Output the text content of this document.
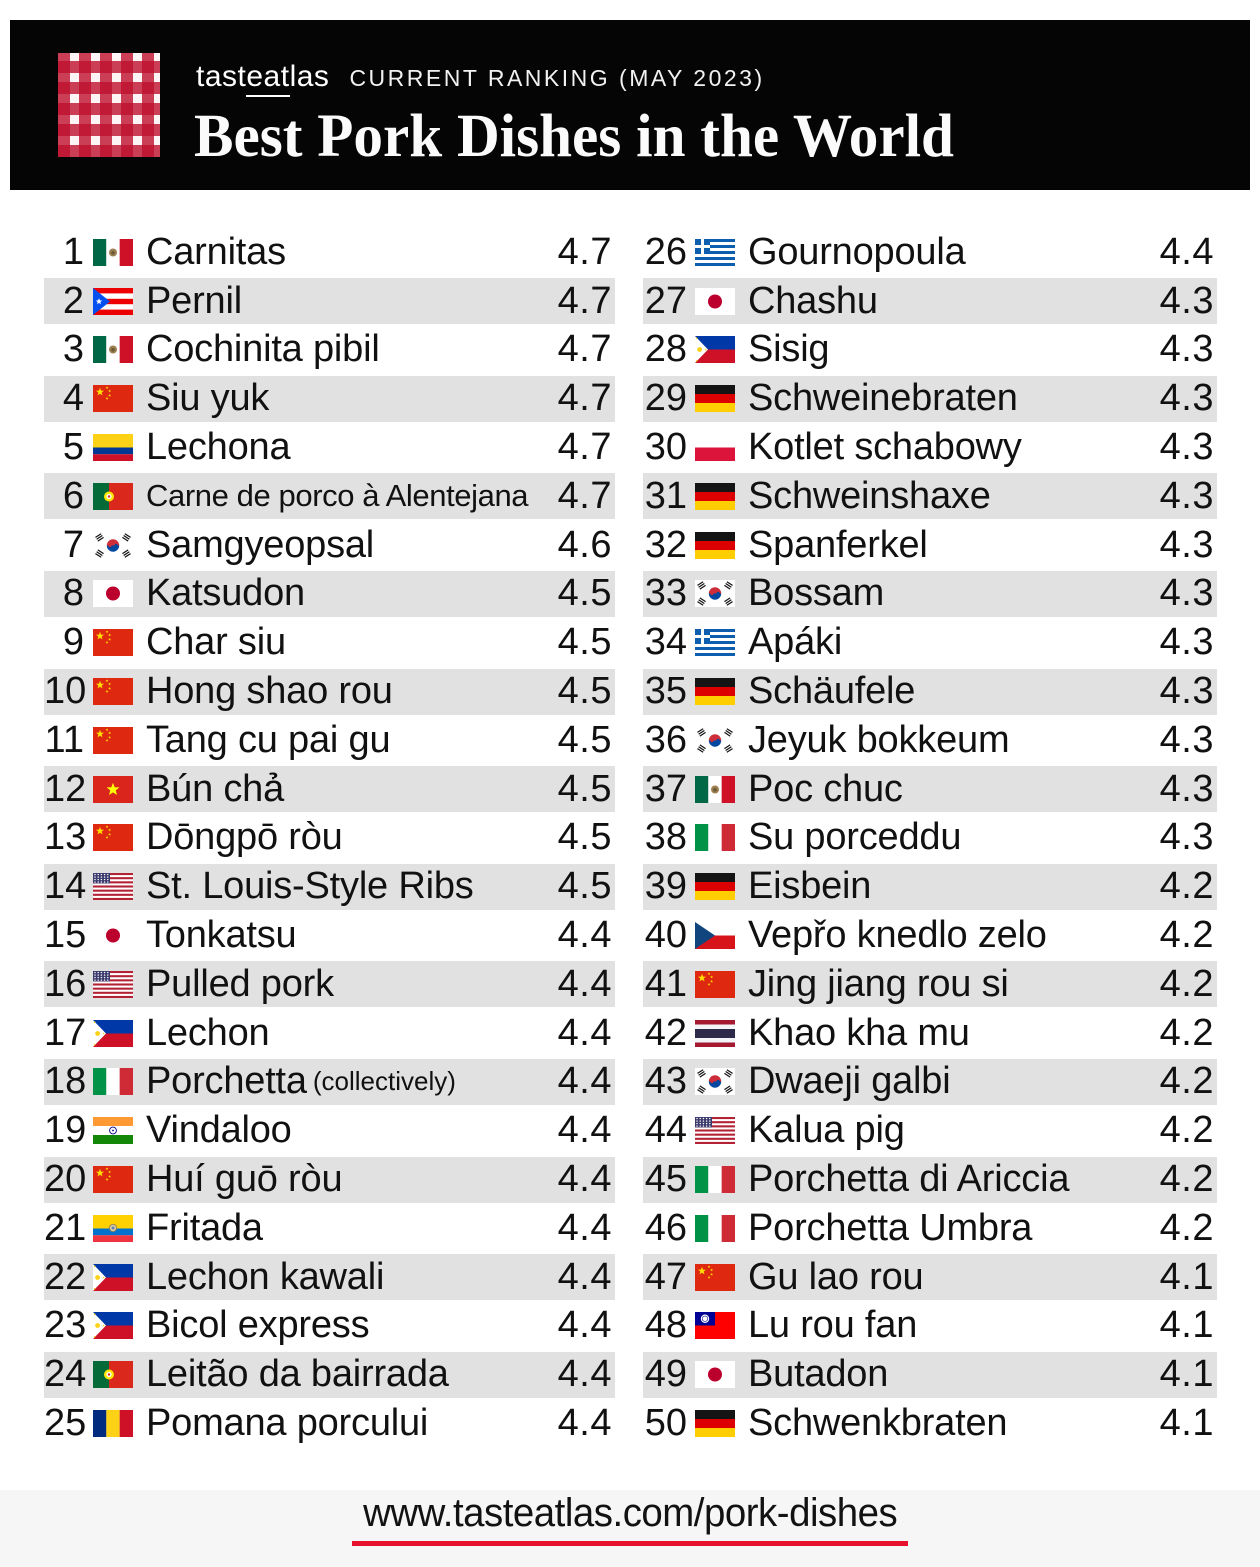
tasteatlas CURRENT RANKING (MAY 2023)
Best Pork Dishes in the World
1 Carnitas	4.7
2 Pernil	4.7
3 Cochinita pibil	4.7
4 Siu yuk	4.7
5 Lechona	4.7
6 Carne de porco à Alentejana 4.7
7 Samgyeopsal	4.6
8 Katsudon	4.5
9 Char siu	4.5
10 Hong shao rou	4.5
11 Tang cu pai gu	4.5
12 Bún chả	4.5
13 Dōngpō ròu	4.5
14 St. Louis-Style Ribs 4.5
15 Tonkatsu	4.4
16 Pulled pork	4.4
17 Lechon	4.4
18 Porchetta (collectively)	4.4
19 Vindaloo	4.4
20 Huí guō ròu	4.4
21 Fritada	4.4
22 Lechon kawali	4.4
23 Bicol express	4.4
24 Leitão da bairrada	4.4
25 Pomana porcului	4.4
26 Gournopoula	4.4
27 Chashu	4.3
28 Sisig	4.3
29 Schweinebraten	4.3
30 Kotlet schabowy	4.3
31 Schweinshaxe	4.3
32 Spanferkel	4.3
33 Bossam	4.3
34 Apáki	4.3
35 Schäufele	4.3
36 Jeyuk bokkeum	4.3
37 Poc chuc	4.3
38 Su porceddu	4.3
39 Eisbein	4.2
40 Vepřo knedlo zelo	4.2
41 Jing jiang rou si	4.2
42 Khao kha mu	4.2
43 Dwaeji galbi	4.2
44 Kalua pig	4.2
45 Porchetta di Ariccia 4.2
46 Porchetta Umbra	4.2
47 Gu lao rou	4.1
48 Lu rou fan	4.1
49 Butadon	4.1
50 Schwenkbraten	4.1
www.tasteatlas.com/pork-dishes
